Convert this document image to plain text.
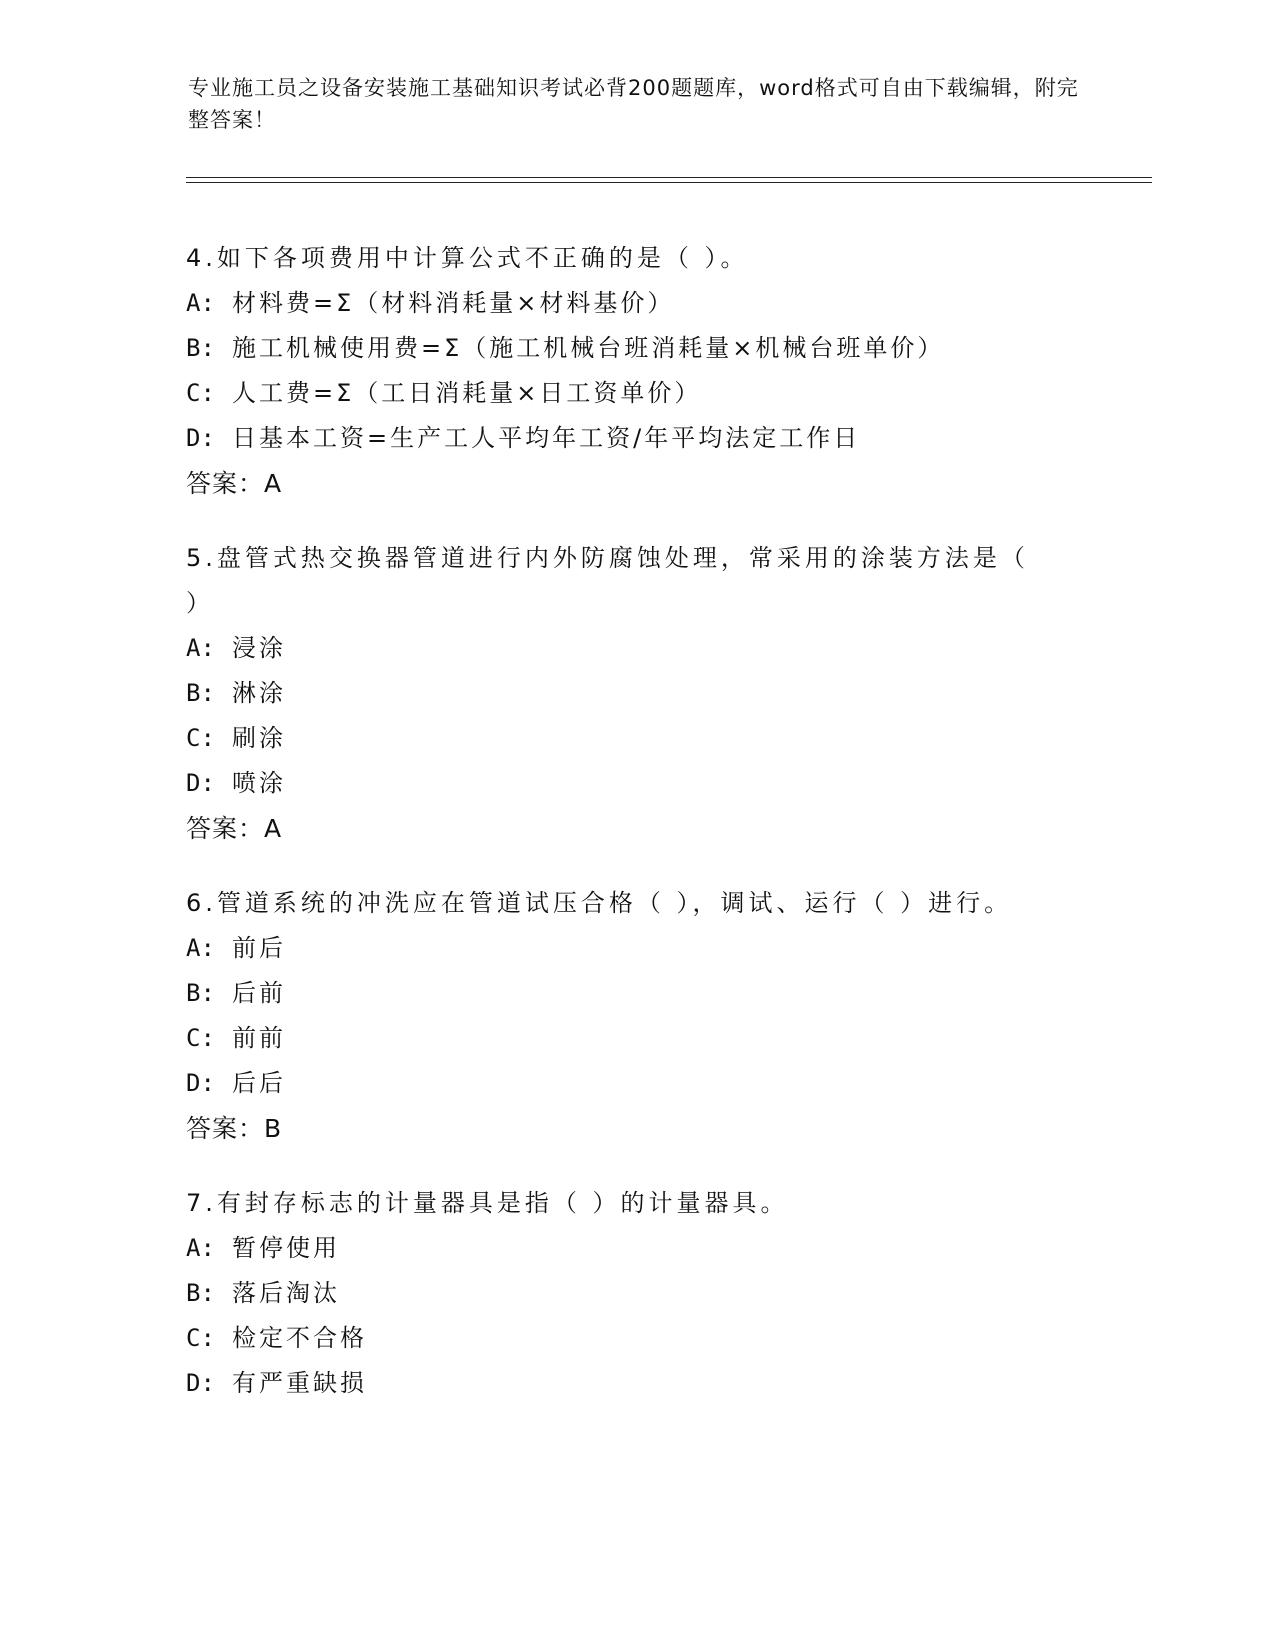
专业施工员之设备安装施工基础知识考试必背200题题库，word格式可自由下载编辑，附完整答案！

4.如下各项费用中计算公式不正确的是（ ）。

A: 材料费=Σ（材料消耗量×材料基价）

B: 施工机械使用费=Σ（施工机械台班消耗量×机械台班单价）

C: 人工费=Σ（工日消耗量×日工资单价）

D: 日基本工资=生产工人平均年工资/年平均法定工作日

答案：A

5.盘管式热交换器管道进行内外防腐蚀处理，常采用的涂装方法是（ ）

A: 浸涂

B: 淋涂

C: 刷涂

D: 喷涂

答案：A

6.管道系统的冲洗应在管道试压合格（ ），调试、运行（ ）进行。

A: 前后

B: 后前

C: 前前

D: 后后

答案：B

7.有封存标志的计量器具是指（ ）的计量器具。

A: 暂停使用

B: 落后淘汰

C: 检定不合格

D: 有严重缺损
